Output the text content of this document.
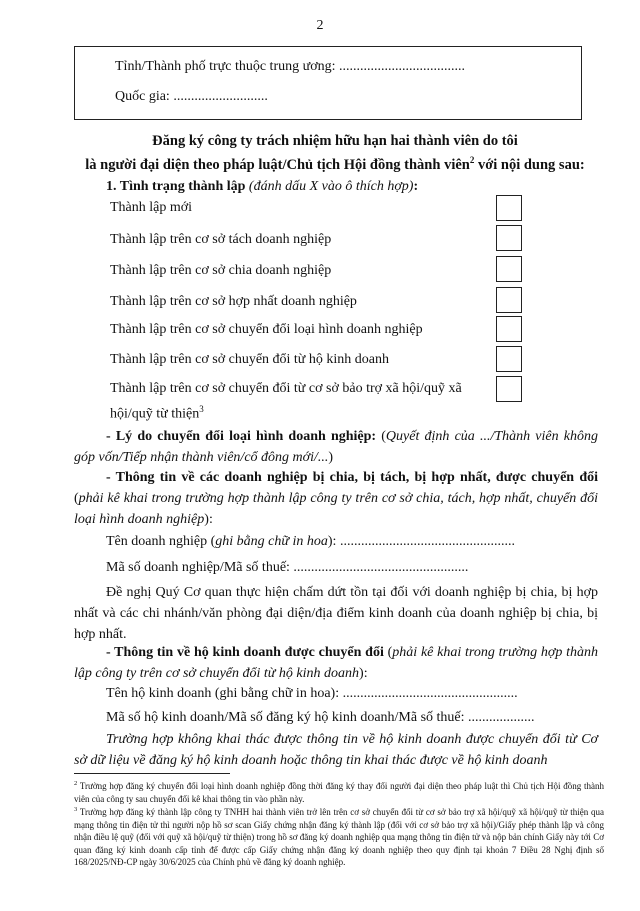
2
Tỉnh/Thành phố trực thuộc trung ương: ....................................
Quốc gia: ...........................
Đăng ký công ty trách nhiệm hữu hạn hai thành viên do tôi
là người đại diện theo pháp luật/Chủ tịch Hội đồng thành viên$^2$ với nội dung sau:
1. Tình trạng thành lập (đánh dấu X vào ô thích hợp):
Thành lập mới
Thành lập trên cơ sở tách doanh nghiệp
Thành lập trên cơ sở chia doanh nghiệp
Thành lập trên cơ sở hợp nhất doanh nghiệp
Thành lập trên cơ sở chuyển đổi loại hình doanh nghiệp
Thành lập trên cơ sở chuyển đổi từ hộ kinh doanh
Thành lập trên cơ sở chuyển đổi từ cơ sở bảo trợ xã hội/quỹ xã
hội/quỹ từ thiện$^3$
- Lý do chuyển đổi loại hình doanh nghiệp: (Quyết định của .../Thành viên không góp vốn/Tiếp nhận thành viên/cổ đông mới/...)
- Thông tin về các doanh nghiệp bị chia, bị tách, bị hợp nhất, được chuyển đổi (phải kê khai trong trường hợp thành lập công ty trên cơ sở chia, tách, hợp nhất, chuyển đổi loại hình doanh nghiệp):
Tên doanh nghiệp (ghi bằng chữ in hoa): ..................................................
Mã số doanh nghiệp/Mã số thuế: ..................................................
Đề nghị Quý Cơ quan thực hiện chấm dứt tồn tại đối với doanh nghiệp bị chia, bị hợp nhất và các chi nhánh/văn phòng đại diện/địa điểm kinh doanh của doanh nghiệp bị chia, bị hợp nhất.
- Thông tin về hộ kinh doanh được chuyển đổi (phải kê khai trong trường hợp thành lập công ty trên cơ sở chuyển đổi từ hộ kinh doanh):
Tên hộ kinh doanh (ghi bằng chữ in hoa): ..................................................
Mã số hộ kinh doanh/Mã số đăng ký hộ kinh doanh/Mã số thuế: ...................
Trường hợp không khai thác được thông tin về hộ kinh doanh được chuyển đổi từ Cơ sở dữ liệu về đăng ký hộ kinh doanh hoặc thông tin khai thác được về hộ kinh doanh
$^2$ Trường hợp đăng ký chuyển đổi loại hình doanh nghiệp đồng thời đăng ký thay đổi người đại diện theo pháp luật thì Chủ tịch Hội đồng thành viên của công ty sau chuyển đổi kê khai thông tin vào phần này.
$^3$ Trường hợp đăng ký thành lập công ty TNHH hai thành viên trở lên trên cơ sở chuyển đổi từ cơ sở bảo trợ xã hội/quỹ xã hội/quỹ từ thiện qua mạng thông tin điện tử thì người nộp hồ sơ scan Giấy chứng nhận đăng ký thành lập (đối với cơ sở bảo trợ xã hội)/Giấy phép thành lập và công nhận điều lệ quỹ (đối với quỹ xã hội/quỹ từ thiện) trong hồ sơ đăng ký doanh nghiệp qua mạng thông tin điện tử và nộp bản chính Giấy này tới Cơ quan đăng ký kinh doanh cấp tỉnh để được cấp Giấy chứng nhận đăng ký doanh nghiệp theo quy định tại khoản 7 Điều 28 Nghị định số 168/2025/NĐ-CP ngày 30/6/2025 của Chính phủ về đăng ký doanh nghiệp.
